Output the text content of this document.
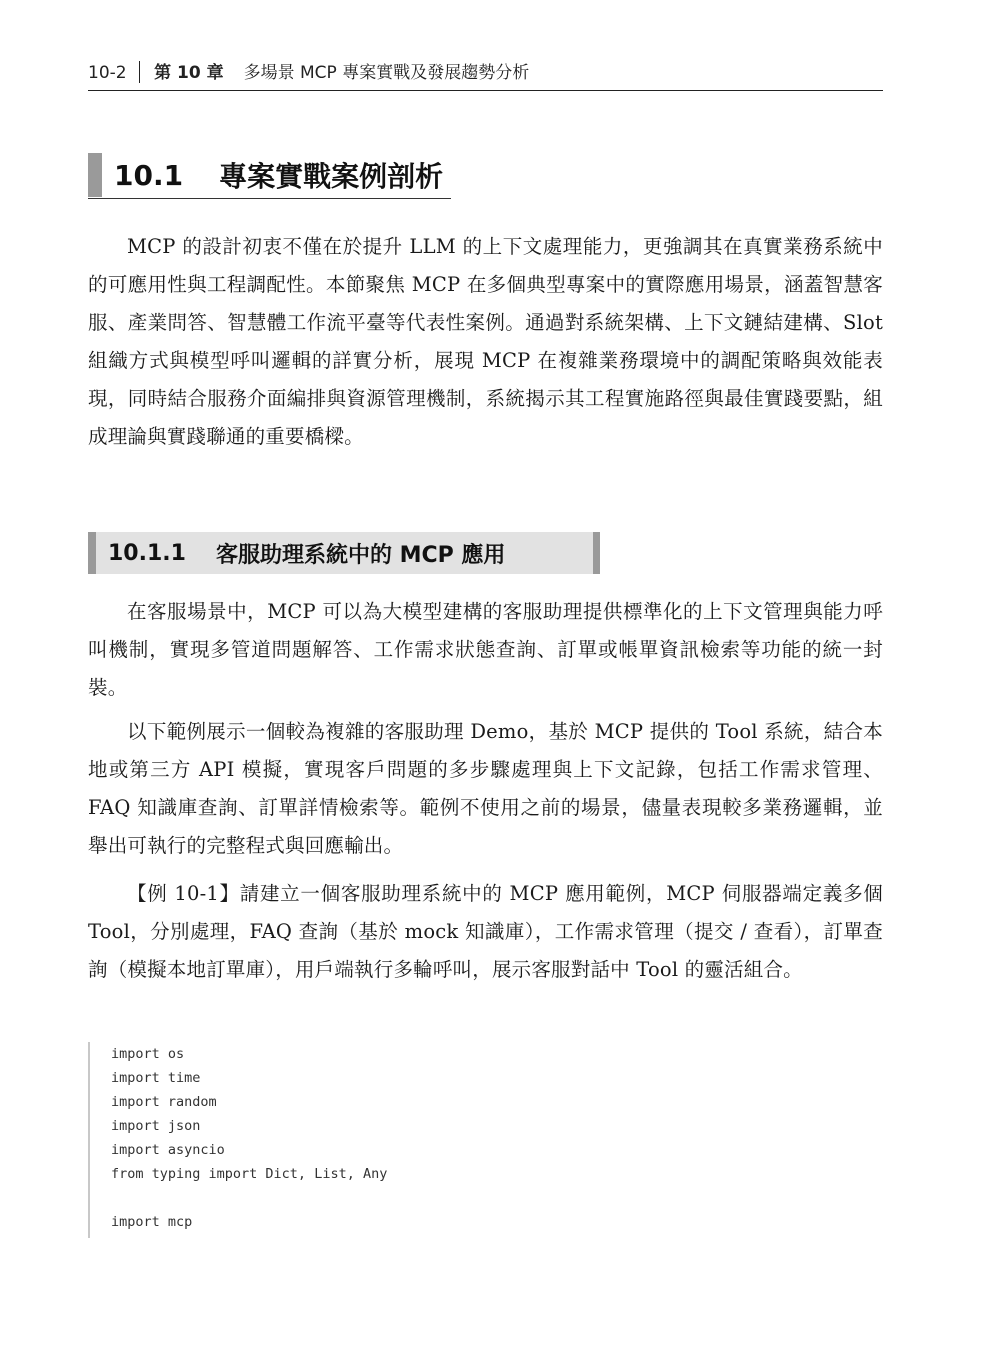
10-2 第 10 章 多場景 MCP 專案實戰及發展趨勢分析
10.1 專案實戰案例剖析

MCP 的設計初衷不僅在於提升 LLM 的上下文處理能力，更強調其在真實業務系統中的可應用性與工程調配性。本節聚焦 MCP 在多個典型專案中的實際應用場景，涵蓋智慧客服、產業問答、智慧體工作流平臺等代表性案例。通過對系統架構、上下文鏈結建構、Slot 組織方式與模型呼叫邏輯的詳實分析，展現 MCP 在複雜業務環境中的調配策略與效能表現，同時結合服務介面編排與資源管理機制，系統揭示其工程實施路徑與最佳實踐要點，組成理論與實踐聯通的重要橋樑。

10.1.1 客服助理系統中的 MCP 應用

在客服場景中，MCP 可以為大模型建構的客服助理提供標準化的上下文管理與能力呼叫機制，實現多管道問題解答、工作需求狀態查詢、訂單或帳單資訊檢索等功能的統一封裝。

以下範例展示一個較為複雜的客服助理 Demo，基於 MCP 提供的 Tool 系統，結合本地或第三方 API 模擬，實現客戶問題的多步驟處理與上下文記錄，包括工作需求管理、 FAQ 知識庫查詢、訂單詳情檢索等。範例不使用之前的場景，儘量表現較多業務邏輯，並舉出可執行的完整程式與回應輸出。

【例 10-1】請建立一個客服助理系統中的 MCP 應用範例，MCP 伺服器端定義多個 Tool，分別處理，FAQ 查詢（基於 mock 知識庫），工作需求管理（提交 / 查看），訂單查詢（模擬本地訂單庫），用戶端執行多輪呼叫，展示客服對話中 Tool 的靈活組合。

import os
import time
import random
import json
import asyncio
from typing import Dict, List, Any
import mcp
